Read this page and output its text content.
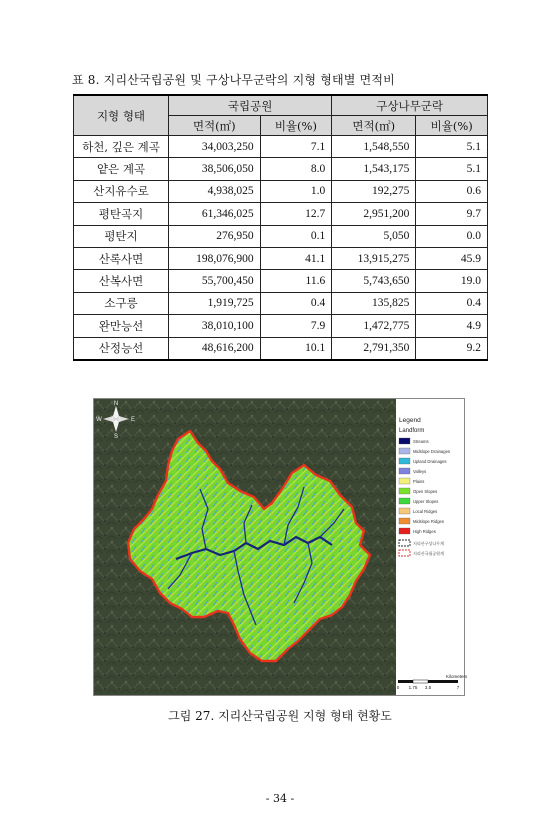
표 8. 지리산국립공원 및 구상나무군락의 지형 형태별 면적비
지형 형태	국립공원		구상나무군락	
	면적(㎡)	비율(%)	면적(㎡)	비율(%)
하천, 깊은 계곡	34,003,250	7.1	1,548,550	5.1
얕은 계곡	38,506,050	8.0	1,543,175	5.1
산지유수로	4,938,025	1.0	192,275	0.6
평탄곡지	61,346,025	12.7	2,951,200	9.7
평탄지	276,950	0.1	5,050	0.0
산록사면	198,076,900	41.1	13,915,275	45.9
산복사면	55,700,450	11.6	5,743,650	19.0
소구릉	1,919,725	0.4	135,825	0.4
완만능선	38,010,100	7.9	1,472,775	4.9
산정능선	48,616,200	10.1	2,791,350	9.2
N
S
E
W	Legend
Landform
Streams
Midslope Drainages
Upland Drainages
Valleys
Plains
Open Slopes
Upper Slopes
Local Ridges
Midslope Ridges
High Ridges
지리산구상나무계
지리산국립공원계
Kilometers
0 1.75 3.5	7
그림 27. 지리산국립공원 지형 형태 현황도
- 34 -
